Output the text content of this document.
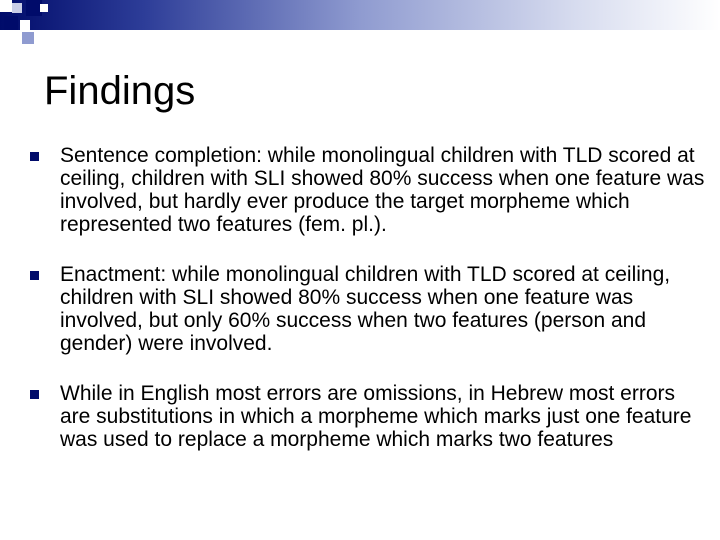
Findings
Sentence completion: while monolingual children with TLD scored at ceiling, children with SLI showed 80% success when one feature was involved, but hardly ever produce the target morpheme which represented two features (fem. pl.).
Enactment: while monolingual children with TLD scored at ceiling, children with SLI showed 80% success when one feature was involved, but only 60% success when two features (person and gender) were involved.
While in English most errors are omissions, in Hebrew most errors are substitutions in which a morpheme which marks just one feature was used to replace a morpheme which marks two features
